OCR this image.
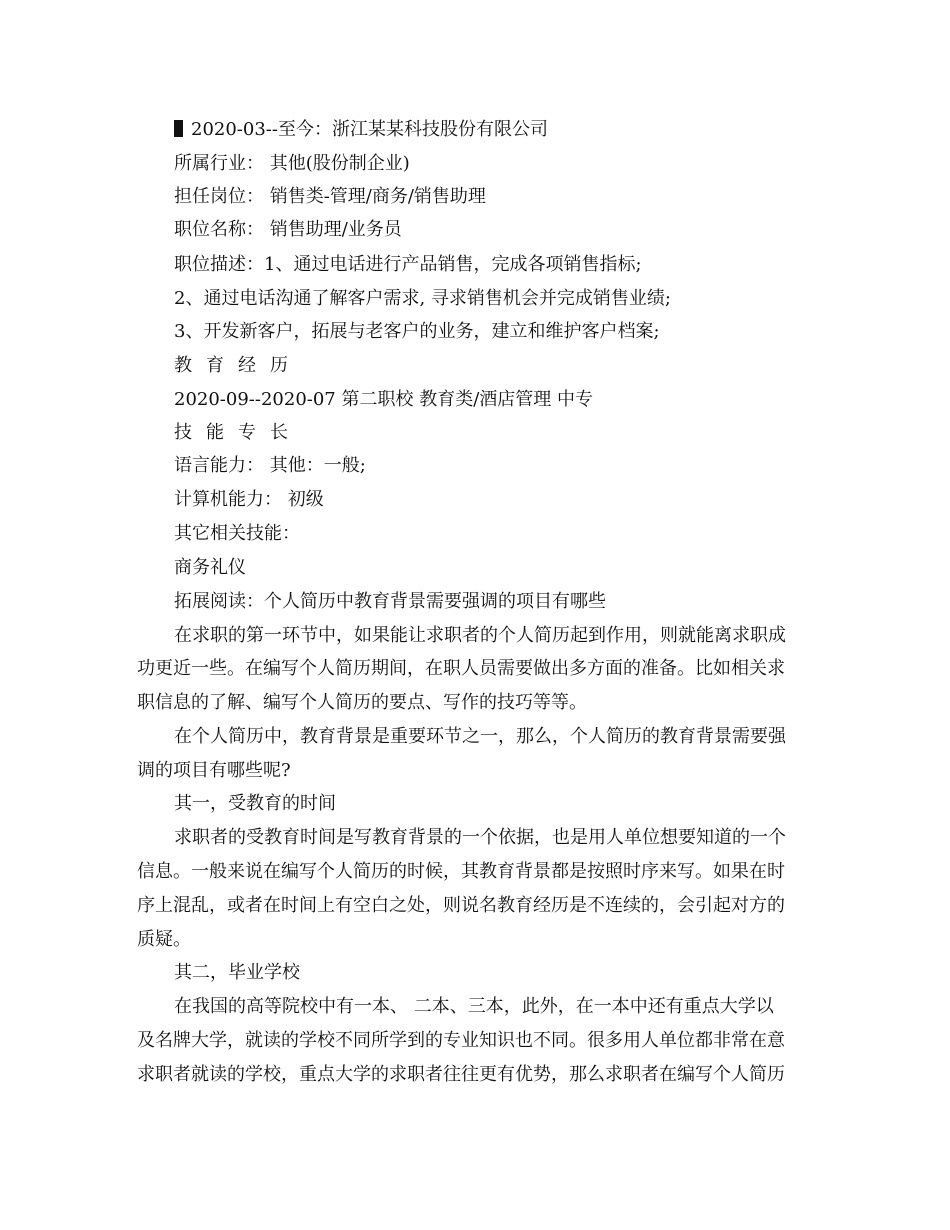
2020-03--至今：浙江某某科技股份有限公司
所属行业： 其他(股份制企业)
担任岗位： 销售类-管理/商务/销售助理
职位名称： 销售助理/业务员
职位描述：1、通过电话进行产品销售，完成各项销售指标;
2、通过电话沟通了解客户需求, 寻求销售机会并完成销售业绩;
3、开发新客户，拓展与老客户的业务，建立和维护客户档案;
教育经历
2020-09--2020-07 第二职校 教育类/酒店管理 中专
技能专长
语言能力： 其他：一般;
计算机能力： 初级
其它相关技能：
商务礼仪
拓展阅读：个人简历中教育背景需要强调的项目有哪些
在求职的第一环节中，如果能让求职者的个人简历起到作用，则就能离求职成
功更近一些。在编写个人简历期间，在职人员需要做出多方面的准备。比如相关求
职信息的了解、编写个人简历的要点、写作的技巧等等。
在个人简历中，教育背景是重要环节之一，那么，个人简历的教育背景需要强
调的项目有哪些呢?
其一，受教育的时间
求职者的受教育时间是写教育背景的一个依据，也是用人单位想要知道的一个
信息。一般来说在编写个人简历的时候，其教育背景都是按照时序来写。如果在时
序上混乱，或者在时间上有空白之处，则说名教育经历是不连续的，会引起对方的
质疑。
其二，毕业学校
在我国的高等院校中有一本、 二本、三本，此外，在一本中还有重点大学以
及名牌大学，就读的学校不同所学到的专业知识也不同。很多用人单位都非常在意
求职者就读的学校，重点大学的求职者往往更有优势，那么求职者在编写个人简历
